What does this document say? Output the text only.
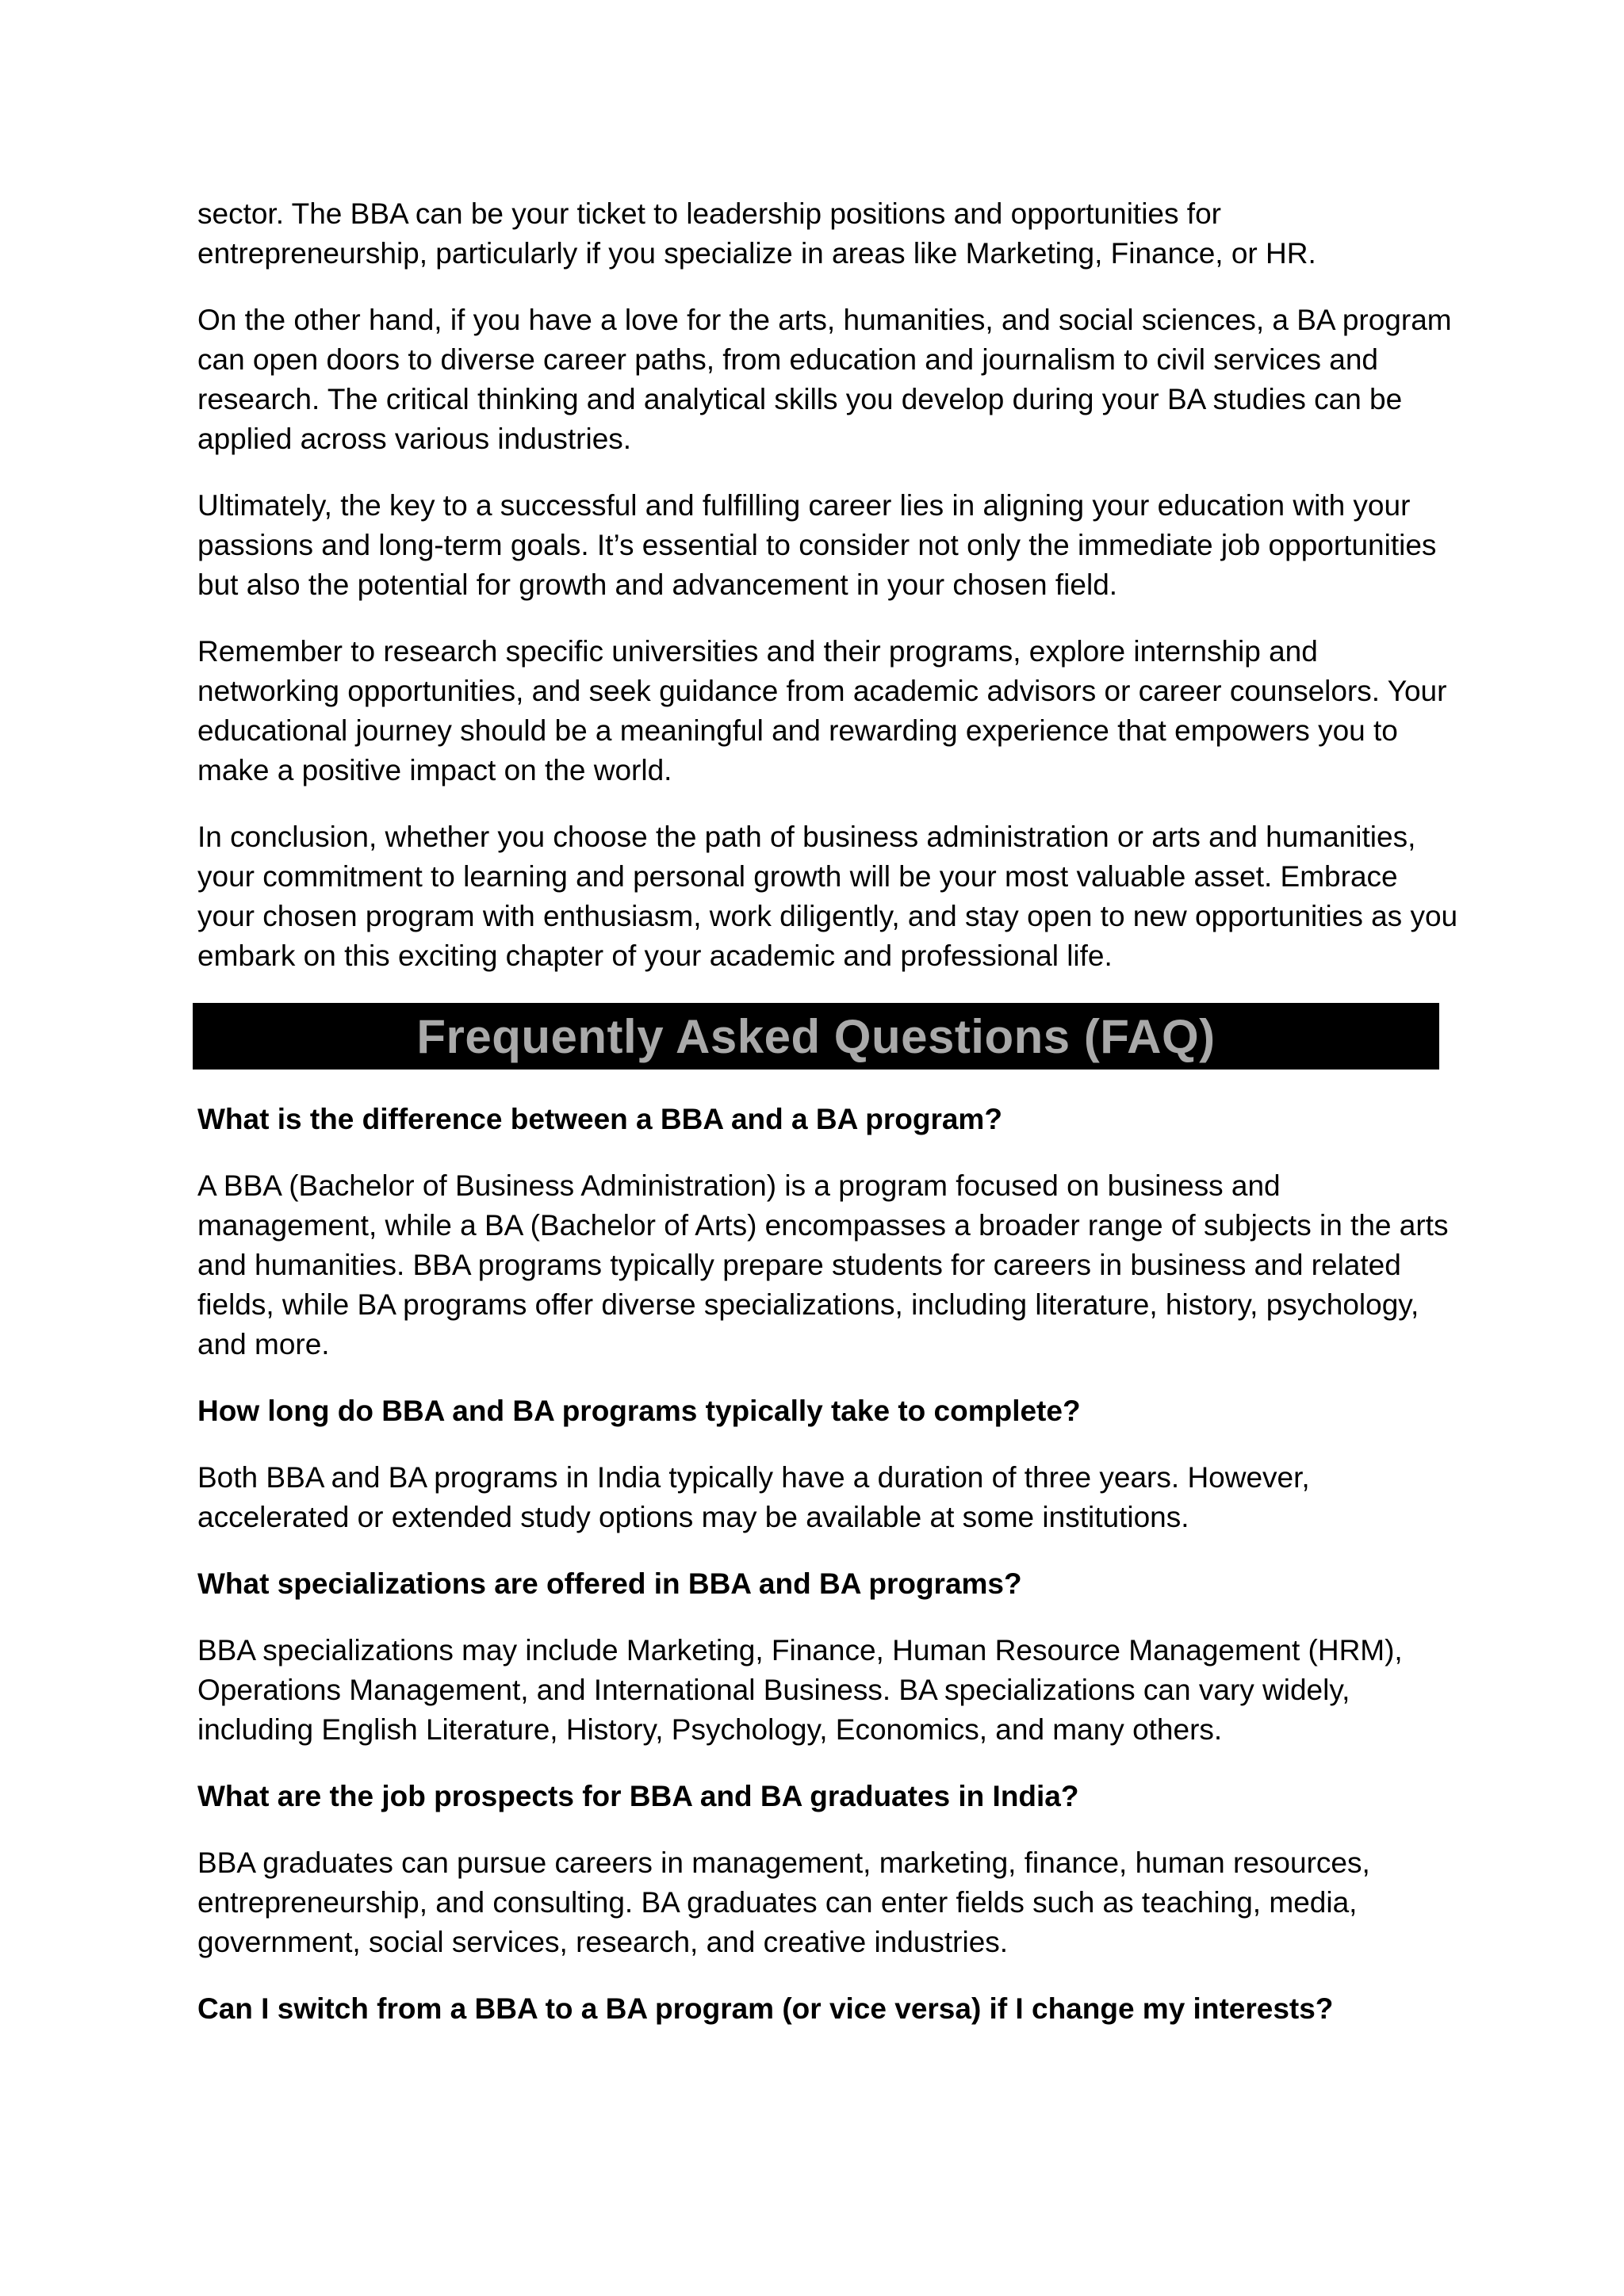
sector. The BBA can be your ticket to leadership positions and opportunities for entrepreneurship, particularly if you specialize in areas like Marketing, Finance, or HR.

On the other hand, if you have a love for the arts, humanities, and social sciences, a BA program can open doors to diverse career paths, from education and journalism to civil services and research. The critical thinking and analytical skills you develop during your BA studies can be applied across various industries.

Ultimately, the key to a successful and fulfilling career lies in aligning your education with your passions and long-term goals. It’s essential to consider not only the immediate job opportunities but also the potential for growth and advancement in your chosen field.

Remember to research specific universities and their programs, explore internship and networking opportunities, and seek guidance from academic advisors or career counselors. Your educational journey should be a meaningful and rewarding experience that empowers you to make a positive impact on the world.

In conclusion, whether you choose the path of business administration or arts and humanities, your commitment to learning and personal growth will be your most valuable asset. Embrace your chosen program with enthusiasm, work diligently, and stay open to new opportunities as you embark on this exciting chapter of your academic and professional life.

Frequently Asked Questions (FAQ)

What is the difference between a BBA and a BA program?

A BBA (Bachelor of Business Administration) is a program focused on business and management, while a BA (Bachelor of Arts) encompasses a broader range of subjects in the arts and humanities. BBA programs typically prepare students for careers in business and related fields, while BA programs offer diverse specializations, including literature, history, psychology, and more.

How long do BBA and BA programs typically take to complete?

Both BBA and BA programs in India typically have a duration of three years. However, accelerated or extended study options may be available at some institutions.

What specializations are offered in BBA and BA programs?

BBA specializations may include Marketing, Finance, Human Resource Management (HRM), Operations Management, and International Business. BA specializations can vary widely, including English Literature, History, Psychology, Economics, and many others.

What are the job prospects for BBA and BA graduates in India?

BBA graduates can pursue careers in management, marketing, finance, human resources, entrepreneurship, and consulting. BA graduates can enter fields such as teaching, media, government, social services, research, and creative industries.

Can I switch from a BBA to a BA program (or vice versa) if I change my interests?
